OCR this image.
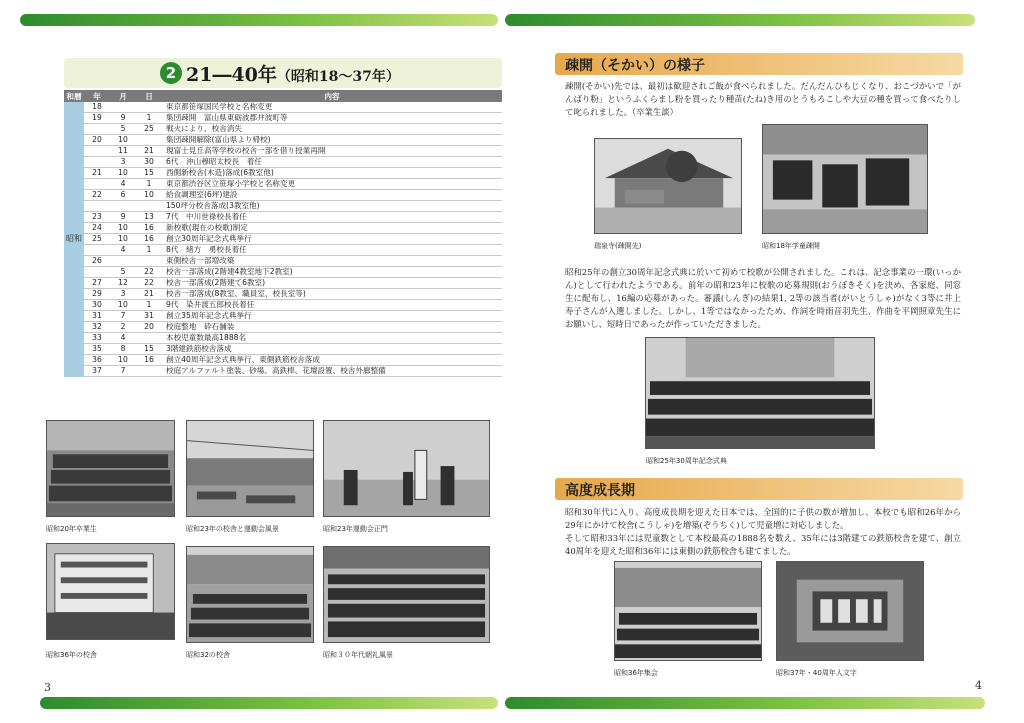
2 21―40年（昭和18～37年）
和暦	年	月	日	内容
昭和	18			東京都笹塚国民学校と名称変更
	19	9	1	集団疎開　富山県東砺波郡井波町等
		5	25	戦火により、校舎消失
	20	10		集団疎開解除(富山県より帰校)
		11	21	現富士見丘高等学校の校舎一部を借り授業再開
		3	30	6代　沖山穆昭太校長　着任
	21	10	15	西側新校舎(木造)落成(6教室他)
		4	1	東京都渋谷区立笹塚小学校と名称変更
	22	6	10	給食調理室(6坪)建設
				150坪分校舎落成(3教室他)
	23	9	13	7代　中川世祿校長着任
	24	10	16	新校歌(現在の校歌)制定
	25	10	16	創立30周年記念式典挙行
		4	1	8代　緒方　勇校長着任
	26			東側校舎一部増改築
		5	22	校舎一部落成(2階建4教室地下2教室)
	27	12	22	校舎一部落成(2階建て6教室)
	29	3	21	校舎一部落成(8教室、職員室、校長室等)
	30	10	1	9代　染井渡五郎校長着任
	31	7	31	創立35周年記念式典挙行
	32	2	20	校庭整地　砕石舗装
	33	4		本校児童数最高1888名
	35	8	15	3階建鉄筋校舎落成
	36	10	16	創立40周年記念式典挙行、東側鉄筋校舎落成
	37	7		校庭アルファルト塗装、砂場、高鉄棒、花壇設置、校舎外廊整備
昭和20年卒業生	昭和23年の校舎と運動会風景	昭和23年運動会正門
昭和36年の校舎	昭和32の校舎	昭和３０年代朝礼風景
3
疎開（そかい）の様子
疎開(そかい)先では、最初は歓迎されご飯が食べられました。だんだんひもじくなり、おこづかいで「がんばり粉」というふくらまし粉を買ったり種苗(たね)き用のとうもろこしや大豆の種を買って食べたりして叱られました。（卒業生談）
瑞泉寺(疎開先)	昭和18年学童疎開
昭和25年の創立30周年記念式典に於いて初めて校歌が公開されました。これは、記念事業の一環(いっかん)として行われたようである。前年の昭和23年に校歌の応募規則(おうぼきそく)を決め、各家庭、同窓生に配布し、16編の応募があった。審議(しんぎ)の結果1, 2等の該当者(がいとうしゃ)がなく3等に井上寿子さんが入選しました。しかし、1等ではなかったため、作詞を時雨音羽先生、作曲を平岡照章先生にお願いし、短時日であったが作っていただきました。
昭和25年30周年記念式典
高度成長期
昭和30年代に入り、高度成長期を迎えた日本では、全国的に子供の数が増加し、本校でも昭和26年から29年にかけて校舎(こうしゃ)を増築(ぞうちく)して児童増に対応しました。
そして昭和33年には児童数として本校最高の1888名を数え、35年には3階建ての鉄筋校舎を建て、創立40周年を迎えた昭和36年には東側の鉄筋校舎も建てました。
昭和36年集会	昭和37年・40周年人文字
4
